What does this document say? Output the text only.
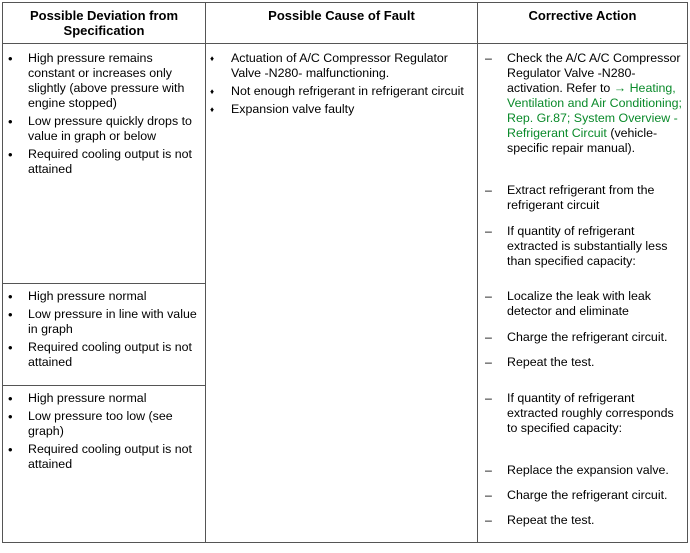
Possible Deviation from Specification
Possible Cause of Fault	Corrective Action
• High pressure remains constant or increases only slightly (above pressure with engine stopped)
• Low pressure quickly drops to value in graph or below
• Required cooling output is not attained
• High pressure normal
• Low pressure in line with value in graph
• Required cooling output is not attained
• High pressure normal
• Low pressure too low (see graph)
• Required cooling output is not attained
♦ Actuation of A/C Compressor Regulator Valve -N280- malfunctioning.
♦ Not enough refrigerant in refrigerant circuit
♦ Expansion valve faulty
– Check the A/C A/C Compressor Regulator Valve -N280- activation. Refer to → Heating, Ventilation and Air Conditioning; Rep. Gr.87; System Overview - Refrigerant Circuit (vehicle-specific repair manual).
– Extract refrigerant from the refrigerant circuit
– If quantity of refrigerant extracted is substantially less than specified capacity:
– Localize the leak with leak detector and eliminate
– Charge the refrigerant circuit.
– Repeat the test.
– If quantity of refrigerant extracted roughly corresponds to specified capacity:
– Replace the expansion valve.
– Charge the refrigerant circuit.
– Repeat the test.
